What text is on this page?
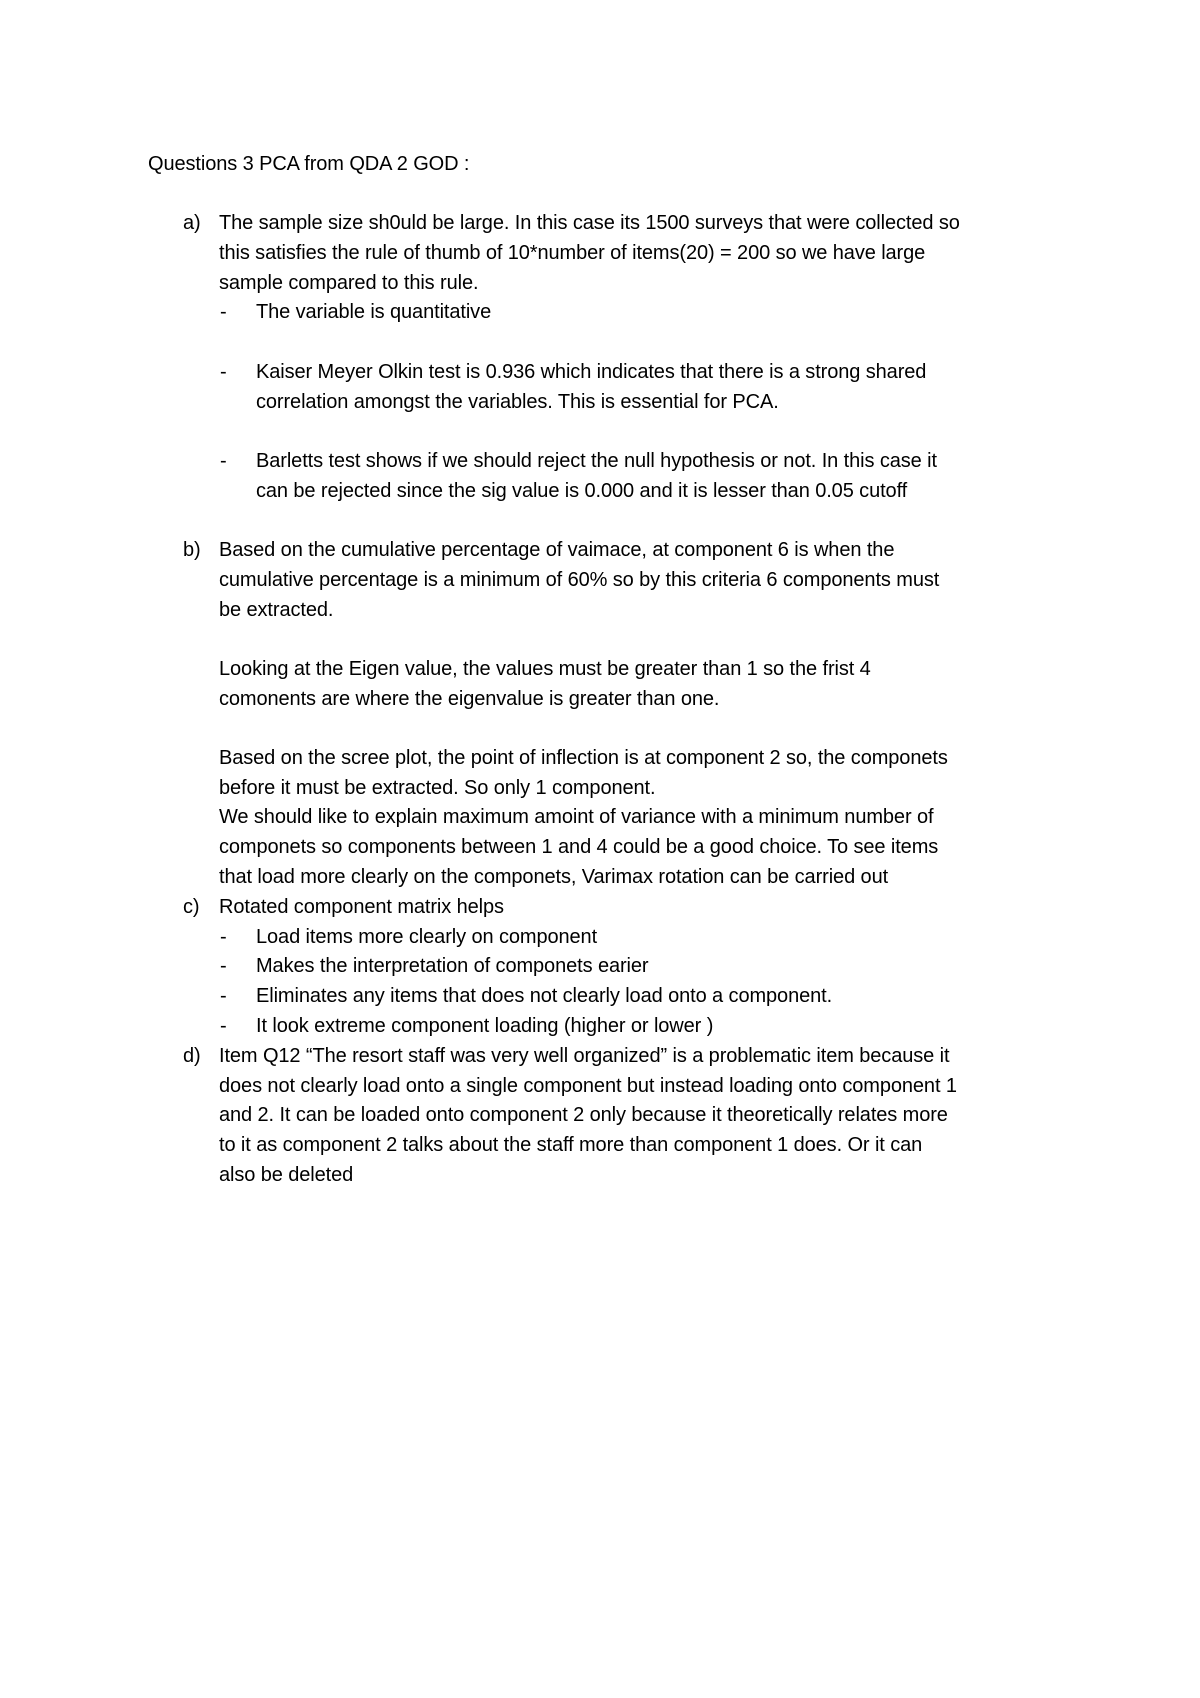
Questions 3 PCA from QDA 2 GOD :
a) The sample size sh0uld be large. In this case its 1500 surveys that were collected so
this satisfies the rule of thumb of 10*number of items(20) = 200 so we have large
sample compared to this rule.
- The variable is quantitative
- Kaiser Meyer Olkin test is 0.936 which indicates that there is a strong shared
correlation amongst the variables. This is essential for PCA.
- Barletts test shows if we should reject the null hypothesis or not. In this case it
can be rejected since the sig value is 0.000 and it is lesser than 0.05 cutoff
b) Based on the cumulative percentage of vaimace, at component 6 is when the
cumulative percentage is a minimum of 60% so by this criteria 6 components must
be extracted.
Looking at the Eigen value, the values must be greater than 1 so the frist 4
comonents are where the eigenvalue is greater than one.
Based on the scree plot, the point of inflection is at component 2 so, the componets
before it must be extracted. So only 1 component.
We should like to explain maximum amoint of variance with a minimum number of
componets so components between 1 and 4 could be a good choice. To see items
that load more clearly on the componets, Varimax rotation can be carried out
c) Rotated component matrix helps
- Load items more clearly on component
- Makes the interpretation of componets earier
- Eliminates any items that does not clearly load onto a component.
- It look extreme component loading (higher or lower )
d) Item Q12 “The resort staff was very well organized” is a problematic item because it
does not clearly load onto a single component but instead loading onto component 1
and 2. It can be loaded onto component 2 only because it theoretically relates more
to it as component 2 talks about the staff more than component 1 does. Or it can
also be deleted
